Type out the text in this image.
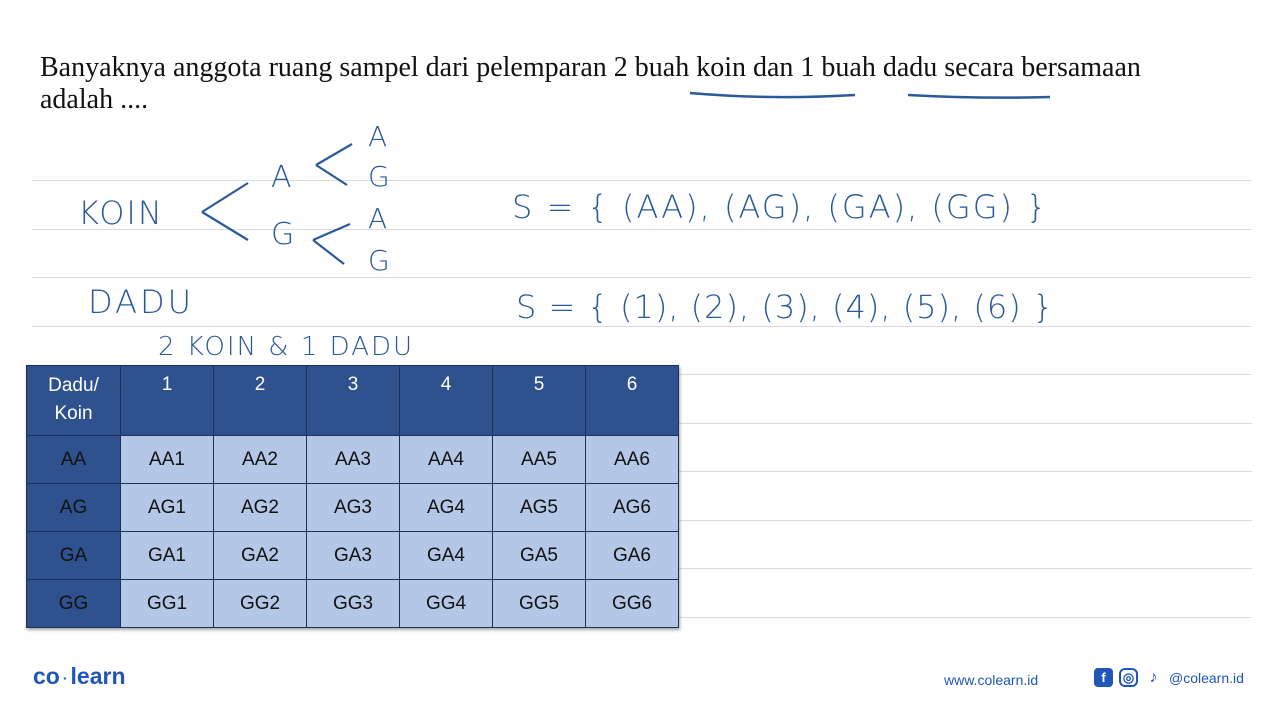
Banyaknya anggota ruang sampel dari pelemparan 2 buah koin dan 1 buah dadu secara bersamaan adalah ....
KOIN
A
G
A
G
A
G
S = { (AA), (AG), (GA), (GG) }
DADU	S = { (1), (2), (3), (4), (5), (6) }
2 KOIN & 1 DADU
Dadu/
Koin	1	2	3	4	5	6
AA	AA1	AA2	AA3	AA4	AA5	AA6
AG	AG1	AG2	AG3	AG4	AG5	AG6
GA	GA1	GA2	GA3	GA4	GA5	GA6
GG	GG1	GG2	GG3	GG4	GG5	GG6
co · learn	www.colearn.id	f	◎ ♪ @colearn.id
